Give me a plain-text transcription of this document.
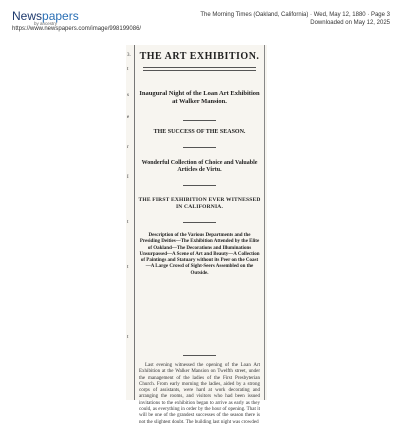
Newspapers
by ancestry
The Morning Times (Oakland, California) · Wed, May 12, 1880 · Page 3
Downloaded on May 12, 2025
https://www.newspapers.com/image/998199086/
3.
t
s
e
r
I
t
t
t
THE ART EXHIBITION.
Inaugural Night of the Loan Art Exhibition at Walker Mansion.
THE SUCCESS OF THE SEASON.
Wonderful Collection of Choice and Valuable Articles de Virtu.
THE FIRST EXHIBITION EVER WITNESSED IN CALIFORNIA.
Description of the Various Departments and the Presiding Deities—The Exhibition Attended by the Elite of Oakland—The Decorations and Illuminations Unsurpassed—A Scene of Art and Beauty—A Collection of Paintings and Statuary without its Peer on the Coast—A Large Crowd of Sight-Seers Assembled on the Outside.
Last evening witnessed the opening of the Loan Art Exhibition at the Walker Mansion on Twelfth street, under the management of the ladies of the First Presbyterian Church. From early morning the ladies, aided by a strong corps of assistants, were hard at work decorating and arranging the rooms, and visitors who had been issued invitations to the exhibition began to arrive as early as they could, as everything in order by the hour of opening. That it will be one of the grandest successes of the season there is not the slightest doubt. The building last night was crowded
